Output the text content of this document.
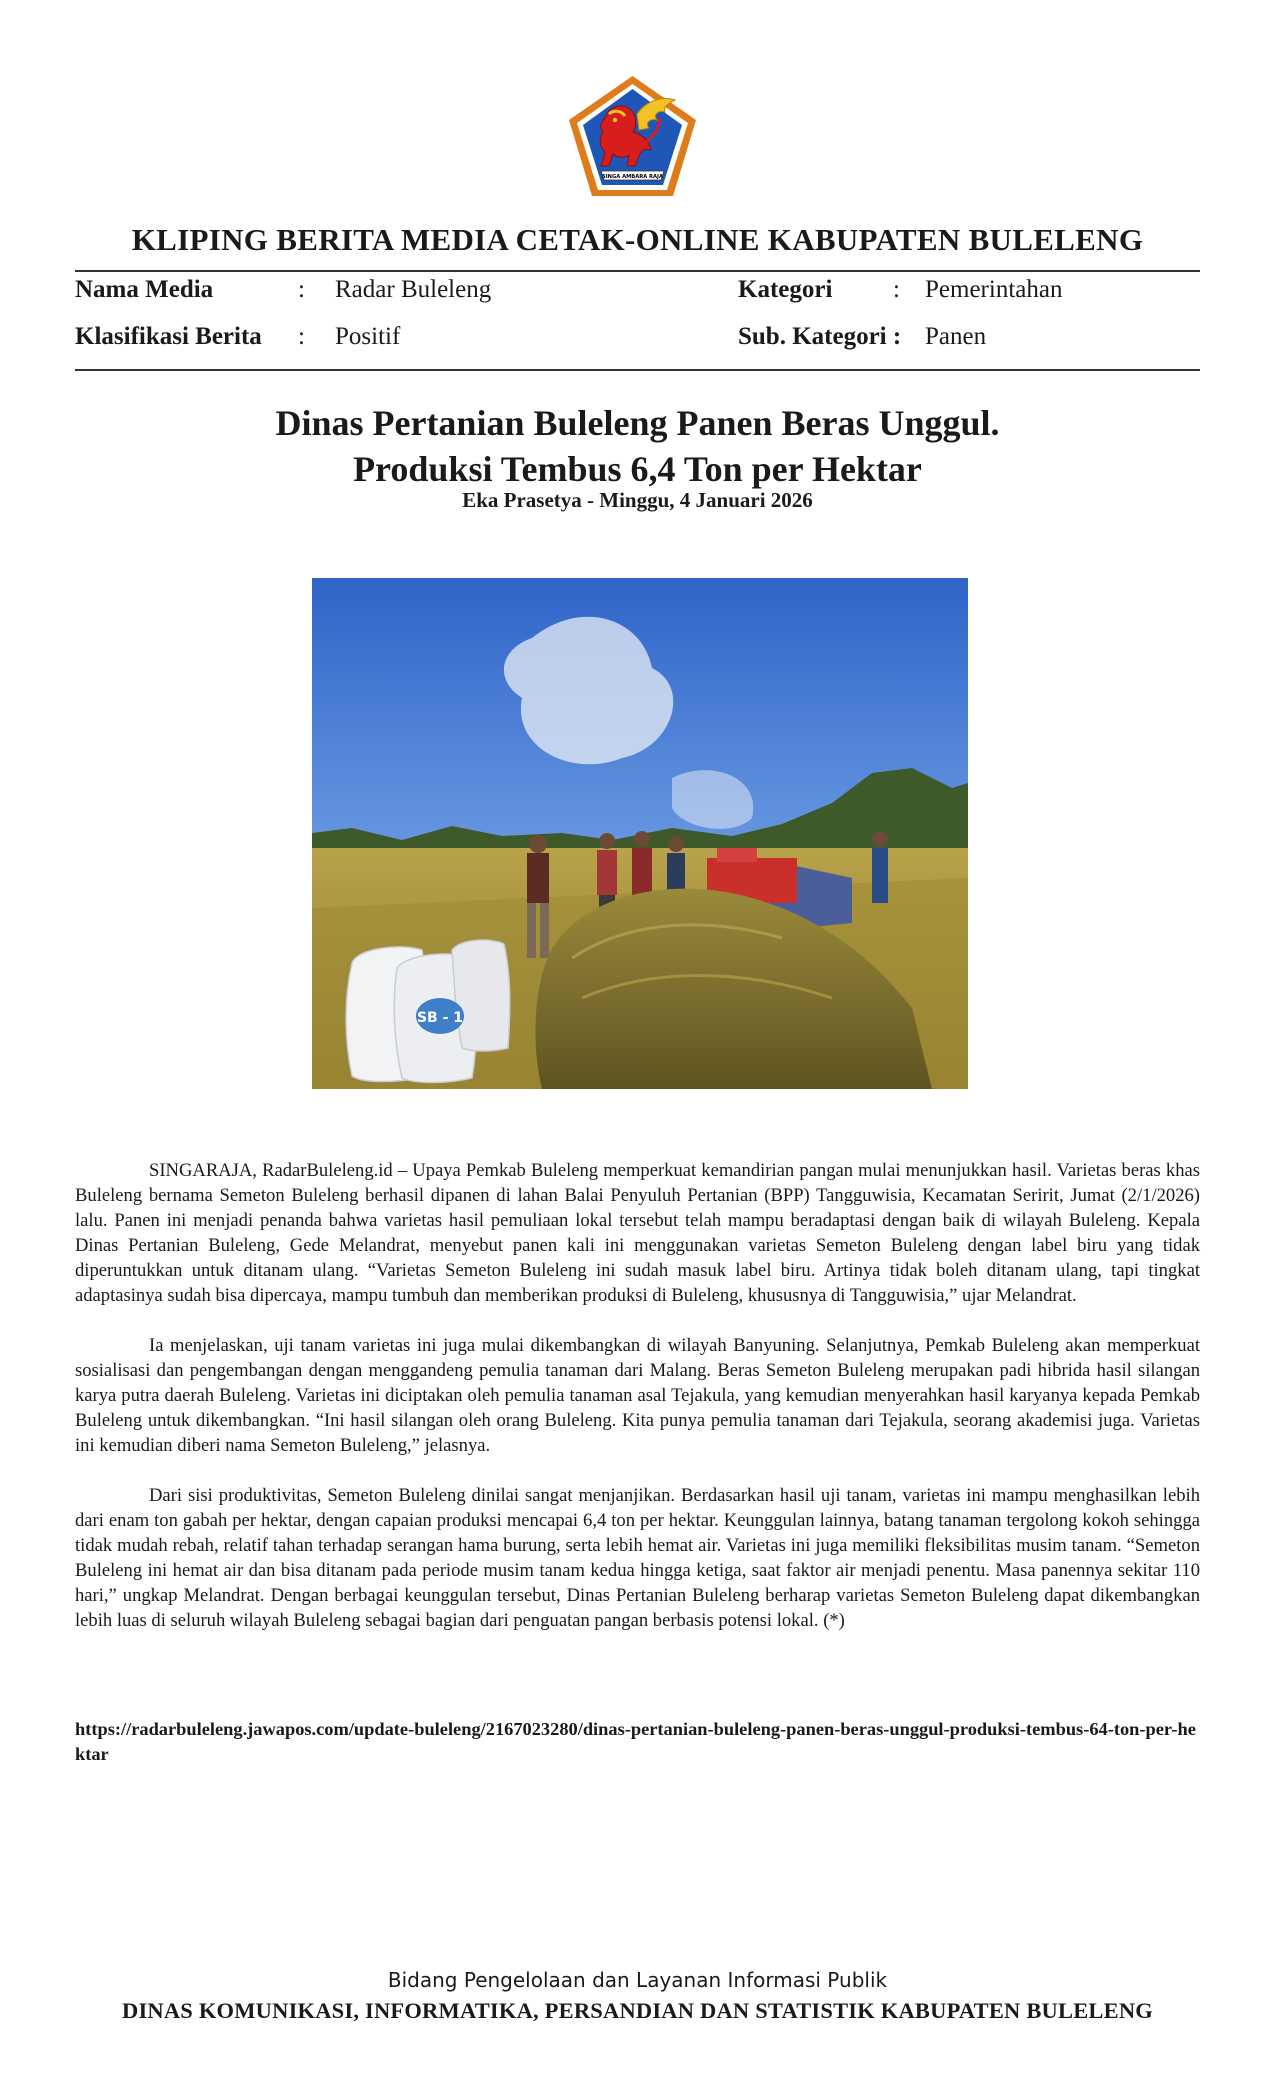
SINGA AMBARA RAJA
KLIPING BERITA MEDIA CETAK-ONLINE KABUPATEN BULELENG
Nama Media	: Radar Buleleng	Kategori : Pemerintahan
Klasifikasi Berita : Positif	Sub. Kategori : Panen
Dinas Pertanian Buleleng Panen Beras Unggul.
Produksi Tembus 6,4 Ton per Hektar
Eka Prasetya - Minggu, 4 Januari 2026
SB - 1

SINGARAJA, RadarBuleleng.id – Upaya Pemkab Buleleng memperkuat kemandirian pangan mulai menunjukkan hasil. Varietas beras khas Buleleng bernama Semeton Buleleng berhasil dipanen di lahan Balai Penyuluh Pertanian (BPP) Tangguwisia, Kecamatan Seririt, Jumat (2/1/2026) lalu. Panen ini menjadi penanda bahwa varietas hasil pemuliaan lokal tersebut telah mampu beradaptasi dengan baik di wilayah Buleleng. Kepala Dinas Pertanian Buleleng, Gede Melandrat, menyebut panen kali ini menggunakan varietas Semeton Buleleng dengan label biru yang tidak diperuntukkan untuk ditanam ulang. “Varietas Semeton Buleleng ini sudah masuk label biru. Artinya tidak boleh ditanam ulang, tapi tingkat adaptasinya sudah bisa dipercaya, mampu tumbuh dan memberikan produksi di Buleleng, khususnya di Tangguwisia,” ujar Melandrat.

Ia menjelaskan, uji tanam varietas ini juga mulai dikembangkan di wilayah Banyuning. Selanjutnya, Pemkab Buleleng akan memperkuat sosialisasi dan pengembangan dengan menggandeng pemulia tanaman dari Malang. Beras Semeton Buleleng merupakan padi hibrida hasil silangan karya putra daerah Buleleng. Varietas ini diciptakan oleh pemulia tanaman asal Tejakula, yang kemudian menyerahkan hasil karyanya kepada Pemkab Buleleng untuk dikembangkan. “Ini hasil silangan oleh orang Buleleng. Kita punya pemulia tanaman dari Tejakula, seorang akademisi juga. Varietas ini kemudian diberi nama Semeton Buleleng,” jelasnya.

Dari sisi produktivitas, Semeton Buleleng dinilai sangat menjanjikan. Berdasarkan hasil uji tanam, varietas ini mampu menghasilkan lebih dari enam ton gabah per hektar, dengan capaian produksi mencapai 6,4 ton per hektar. Keunggulan lainnya, batang tanaman tergolong kokoh sehingga tidak mudah rebah, relatif tahan terhadap serangan hama burung, serta lebih hemat air. Varietas ini juga memiliki fleksibilitas musim tanam. “Semeton Buleleng ini hemat air dan bisa ditanam pada periode musim tanam kedua hingga ketiga, saat faktor air menjadi penentu. Masa panennya sekitar 110 hari,” ungkap Melandrat. Dengan berbagai keunggulan tersebut, Dinas Pertanian Buleleng berharap varietas Semeton Buleleng dapat dikembangkan lebih luas di seluruh wilayah Buleleng sebagai bagian dari penguatan pangan berbasis potensi lokal. (*)

https://radarbuleleng.jawapos.com/update-buleleng/2167023280/dinas-pertanian-buleleng-panen-beras-unggul-produksi-tembus-64-ton-per-hektar
Bidang Pengelolaan dan Layanan Informasi Publik
DINAS KOMUNIKASI, INFORMATIKA, PERSANDIAN DAN STATISTIK KABUPATEN BULELENG
